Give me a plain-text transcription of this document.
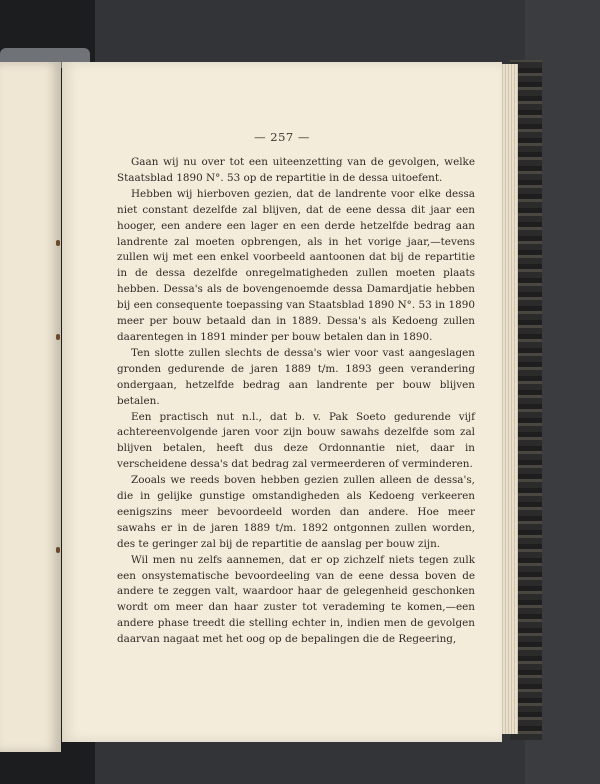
— 257 —

Gaan wij nu over tot een uiteenzetting van de gevolgen, welke Staatsblad 1890 N°. 53 op de repartitie in de dessa uitoefent.

Hebben wij hierboven gezien, dat de landrente voor elke dessa niet constant dezelfde zal blijven, dat de eene dessa dit jaar een hooger, een andere een lager en een derde hetzelfde bedrag aan landrente zal moeten opbrengen, als in het vorige jaar,—tevens zullen wij met een enkel voorbeeld aantoonen dat bij de repartitie in de dessa dezelfde onregelmatigheden zullen moeten plaats hebben. Dessa's als de bovengenoemde dessa Damardjatie hebben bij een consequente toepassing van Staatsblad 1890 N°. 53 in 1890 meer per bouw betaald dan in 1889. Dessa's als Kedoeng zullen daarentegen in 1891 minder per bouw betalen dan in 1890.

Ten slotte zullen slechts de dessa's wier voor vast aangeslagen gronden gedurende de jaren 1889 t/m. 1893 geen verandering ondergaan, hetzelfde bedrag aan landrente per bouw blijven betalen.

Een practisch nut n.l., dat b. v. Pak Soeto gedurende vijf achtereenvolgende jaren voor zijn bouw sawahs dezelfde som zal blijven betalen, heeft dus deze Ordonnantie niet, daar in verscheidene dessa's dat bedrag zal vermeerderen of verminderen.

Zooals we reeds boven hebben gezien zullen alleen de dessa's, die in gelijke gunstige omstandigheden als Kedoeng verkeeren eenigszins meer bevoordeeld worden dan andere. Hoe meer sawahs er in de jaren 1889 t/m. 1892 ontgonnen zullen worden, des te geringer zal bij de repartitie de aanslag per bouw zijn.

Wil men nu zelfs aannemen, dat er op zichzelf niets tegen zulk een onsystematische bevoordeeling van de eene dessa boven de andere te zeggen valt, waardoor haar de gelegenheid geschonken wordt om meer dan haar zuster tot verademing te komen,—een andere phase treedt die stelling echter in, indien men de gevolgen daarvan nagaat met het oog op de bepalingen die de Regeering,
